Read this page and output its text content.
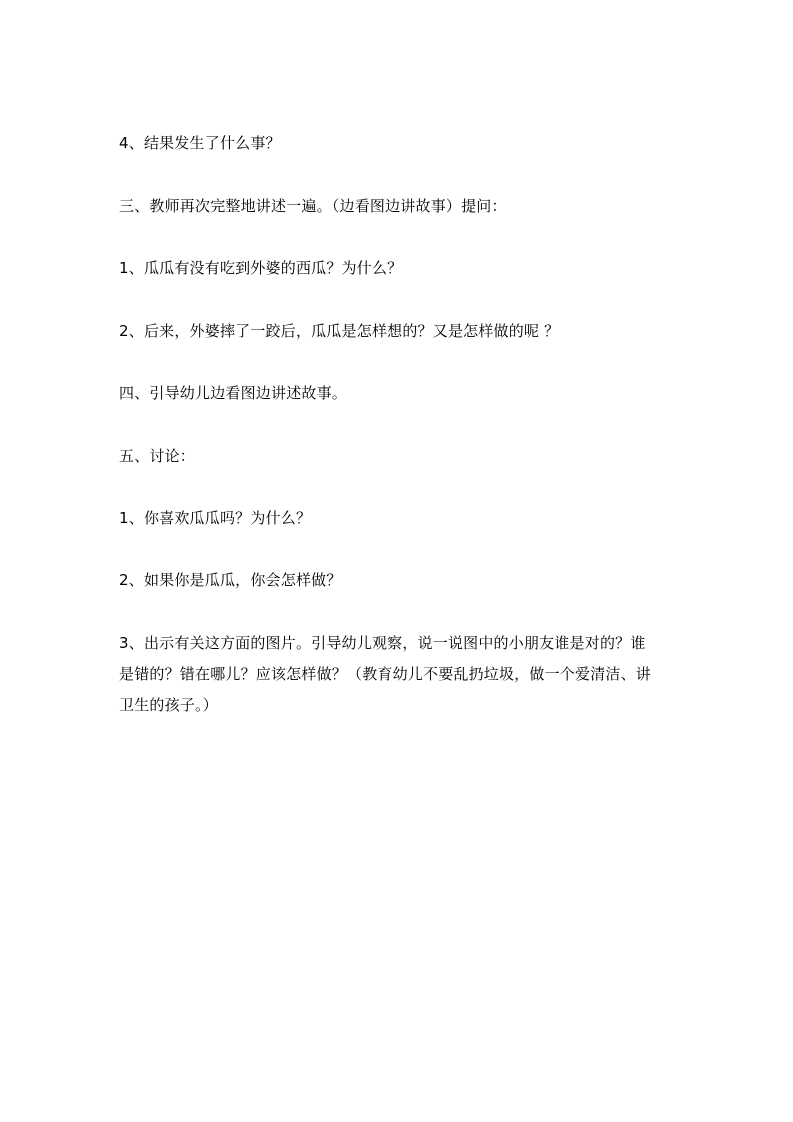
4、结果发生了什么事？
三、教师再次完整地讲述一遍。（边看图边讲故事）提问：
1、瓜瓜有没有吃到外婆的西瓜？为什么？
2、后来，外婆摔了一跤后，瓜瓜是怎样想的？又是怎样做的呢 ？
四、引导幼儿边看图边讲述故事。
五、讨论：
1、你喜欢瓜瓜吗？为什么？
2、如果你是瓜瓜，你会怎样做？
3、出示有关这方面的图片。引导幼儿观察，说一说图中的小朋友谁是对的？谁
是错的？错在哪儿？应该怎样做？（教育幼儿不要乱扔垃圾，做一个爱清洁、讲
卫生的孩子。）
